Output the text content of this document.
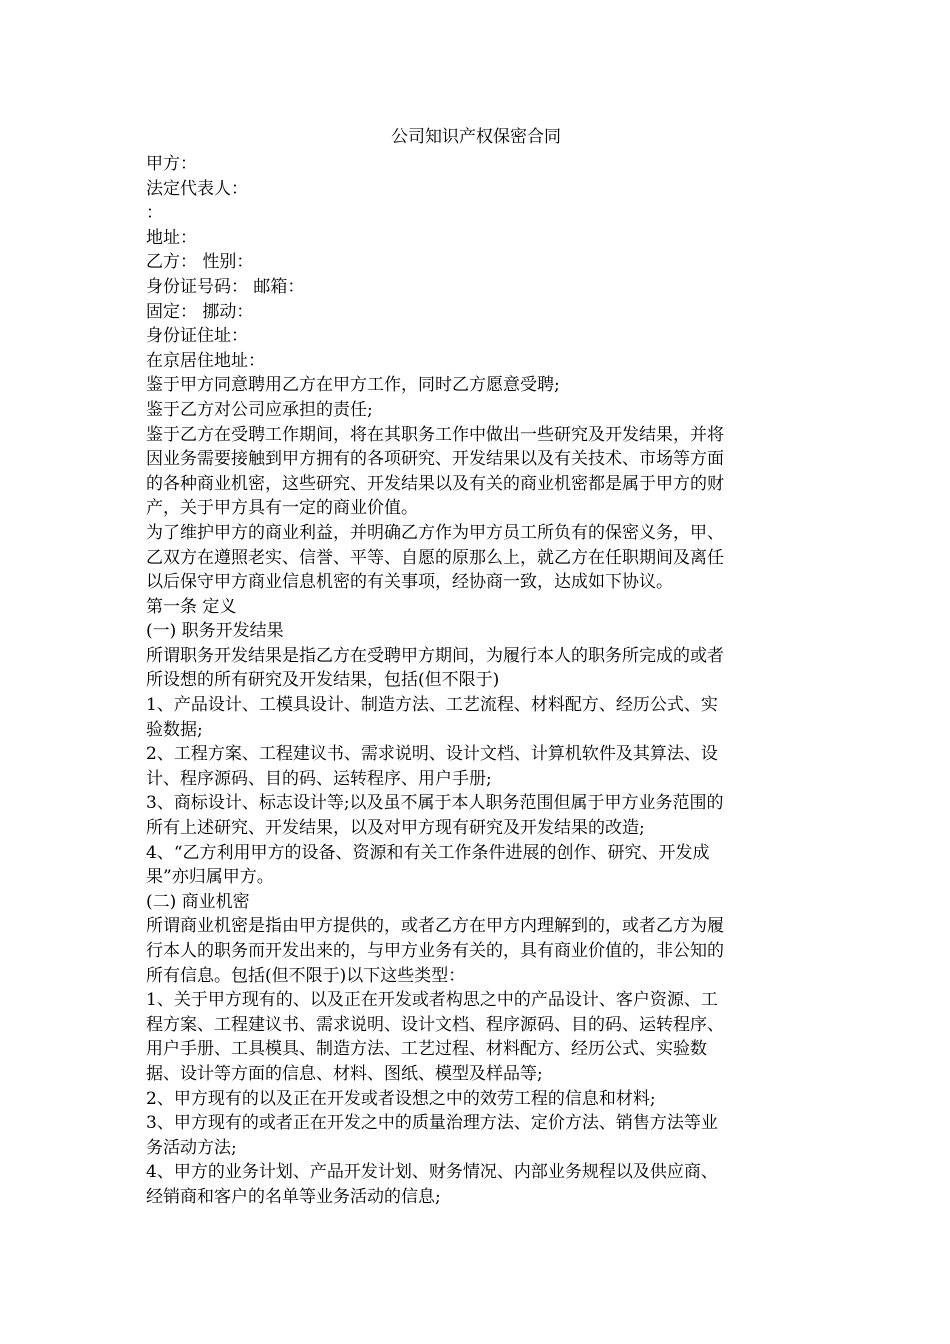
公司知识产权保密合同

甲方：

法定代表人：

：

地址：

乙方： 性别：

身份证号码： 邮箱：

固定： 挪动：

身份证住址：

在京居住地址：

鉴于甲方同意聘用乙方在甲方工作，同时乙方愿意受聘;

鉴于乙方对公司应承担的责任;

鉴于乙方在受聘工作期间，将在其职务工作中做出一些研究及开发结果，并将

因业务需要接触到甲方拥有的各项研究、开发结果以及有关技术、市场等方面

的各种商业机密，这些研究、开发结果以及有关的商业机密都是属于甲方的财

产，关于甲方具有一定的商业价值。

为了维护甲方的商业利益，并明确乙方作为甲方员工所负有的保密义务，甲、

乙双方在遵照老实、信誉、平等、自愿的原那么上，就乙方在任职期间及离任

以后保守甲方商业信息机密的有关事项，经协商一致，达成如下协议。

第一条 定义

(一) 职务开发结果

所谓职务开发结果是指乙方在受聘甲方期间，为履行本人的职务所完成的或者

所设想的所有研究及开发结果，包括(但不限于)

1、产品设计、工模具设计、制造方法、工艺流程、材料配方、经历公式、实

验数据;

2、工程方案、工程建议书、需求说明、设计文档、计算机软件及其算法、设

计、程序源码、目的码、运转程序、用户手册;

3、商标设计、标志设计等;以及虽不属于本人职务范围但属于甲方业务范围的

所有上述研究、开发结果，以及对甲方现有研究及开发结果的改造;

4、“乙方利用甲方的设备、资源和有关工作条件进展的创作、研究、开发成

果”亦归属甲方。

(二) 商业机密

所谓商业机密是指由甲方提供的，或者乙方在甲方内理解到的，或者乙方为履

行本人的职务而开发出来的，与甲方业务有关的，具有商业价值的，非公知的

所有信息。包括(但不限于)以下这些类型：

1、关于甲方现有的、以及正在开发或者构思之中的产品设计、客户资源、工

程方案、工程建议书、需求说明、设计文档、程序源码、目的码、运转程序、

用户手册、工具模具、制造方法、工艺过程、材料配方、经历公式、实验数

据、设计等方面的信息、材料、图纸、模型及样品等;

2、甲方现有的以及正在开发或者设想之中的效劳工程的信息和材料;

3、甲方现有的或者正在开发之中的质量治理方法、定价方法、销售方法等业

务活动方法;

4、甲方的业务计划、产品开发计划、财务情况、内部业务规程以及供应商、

经销商和客户的名单等业务活动的信息;
